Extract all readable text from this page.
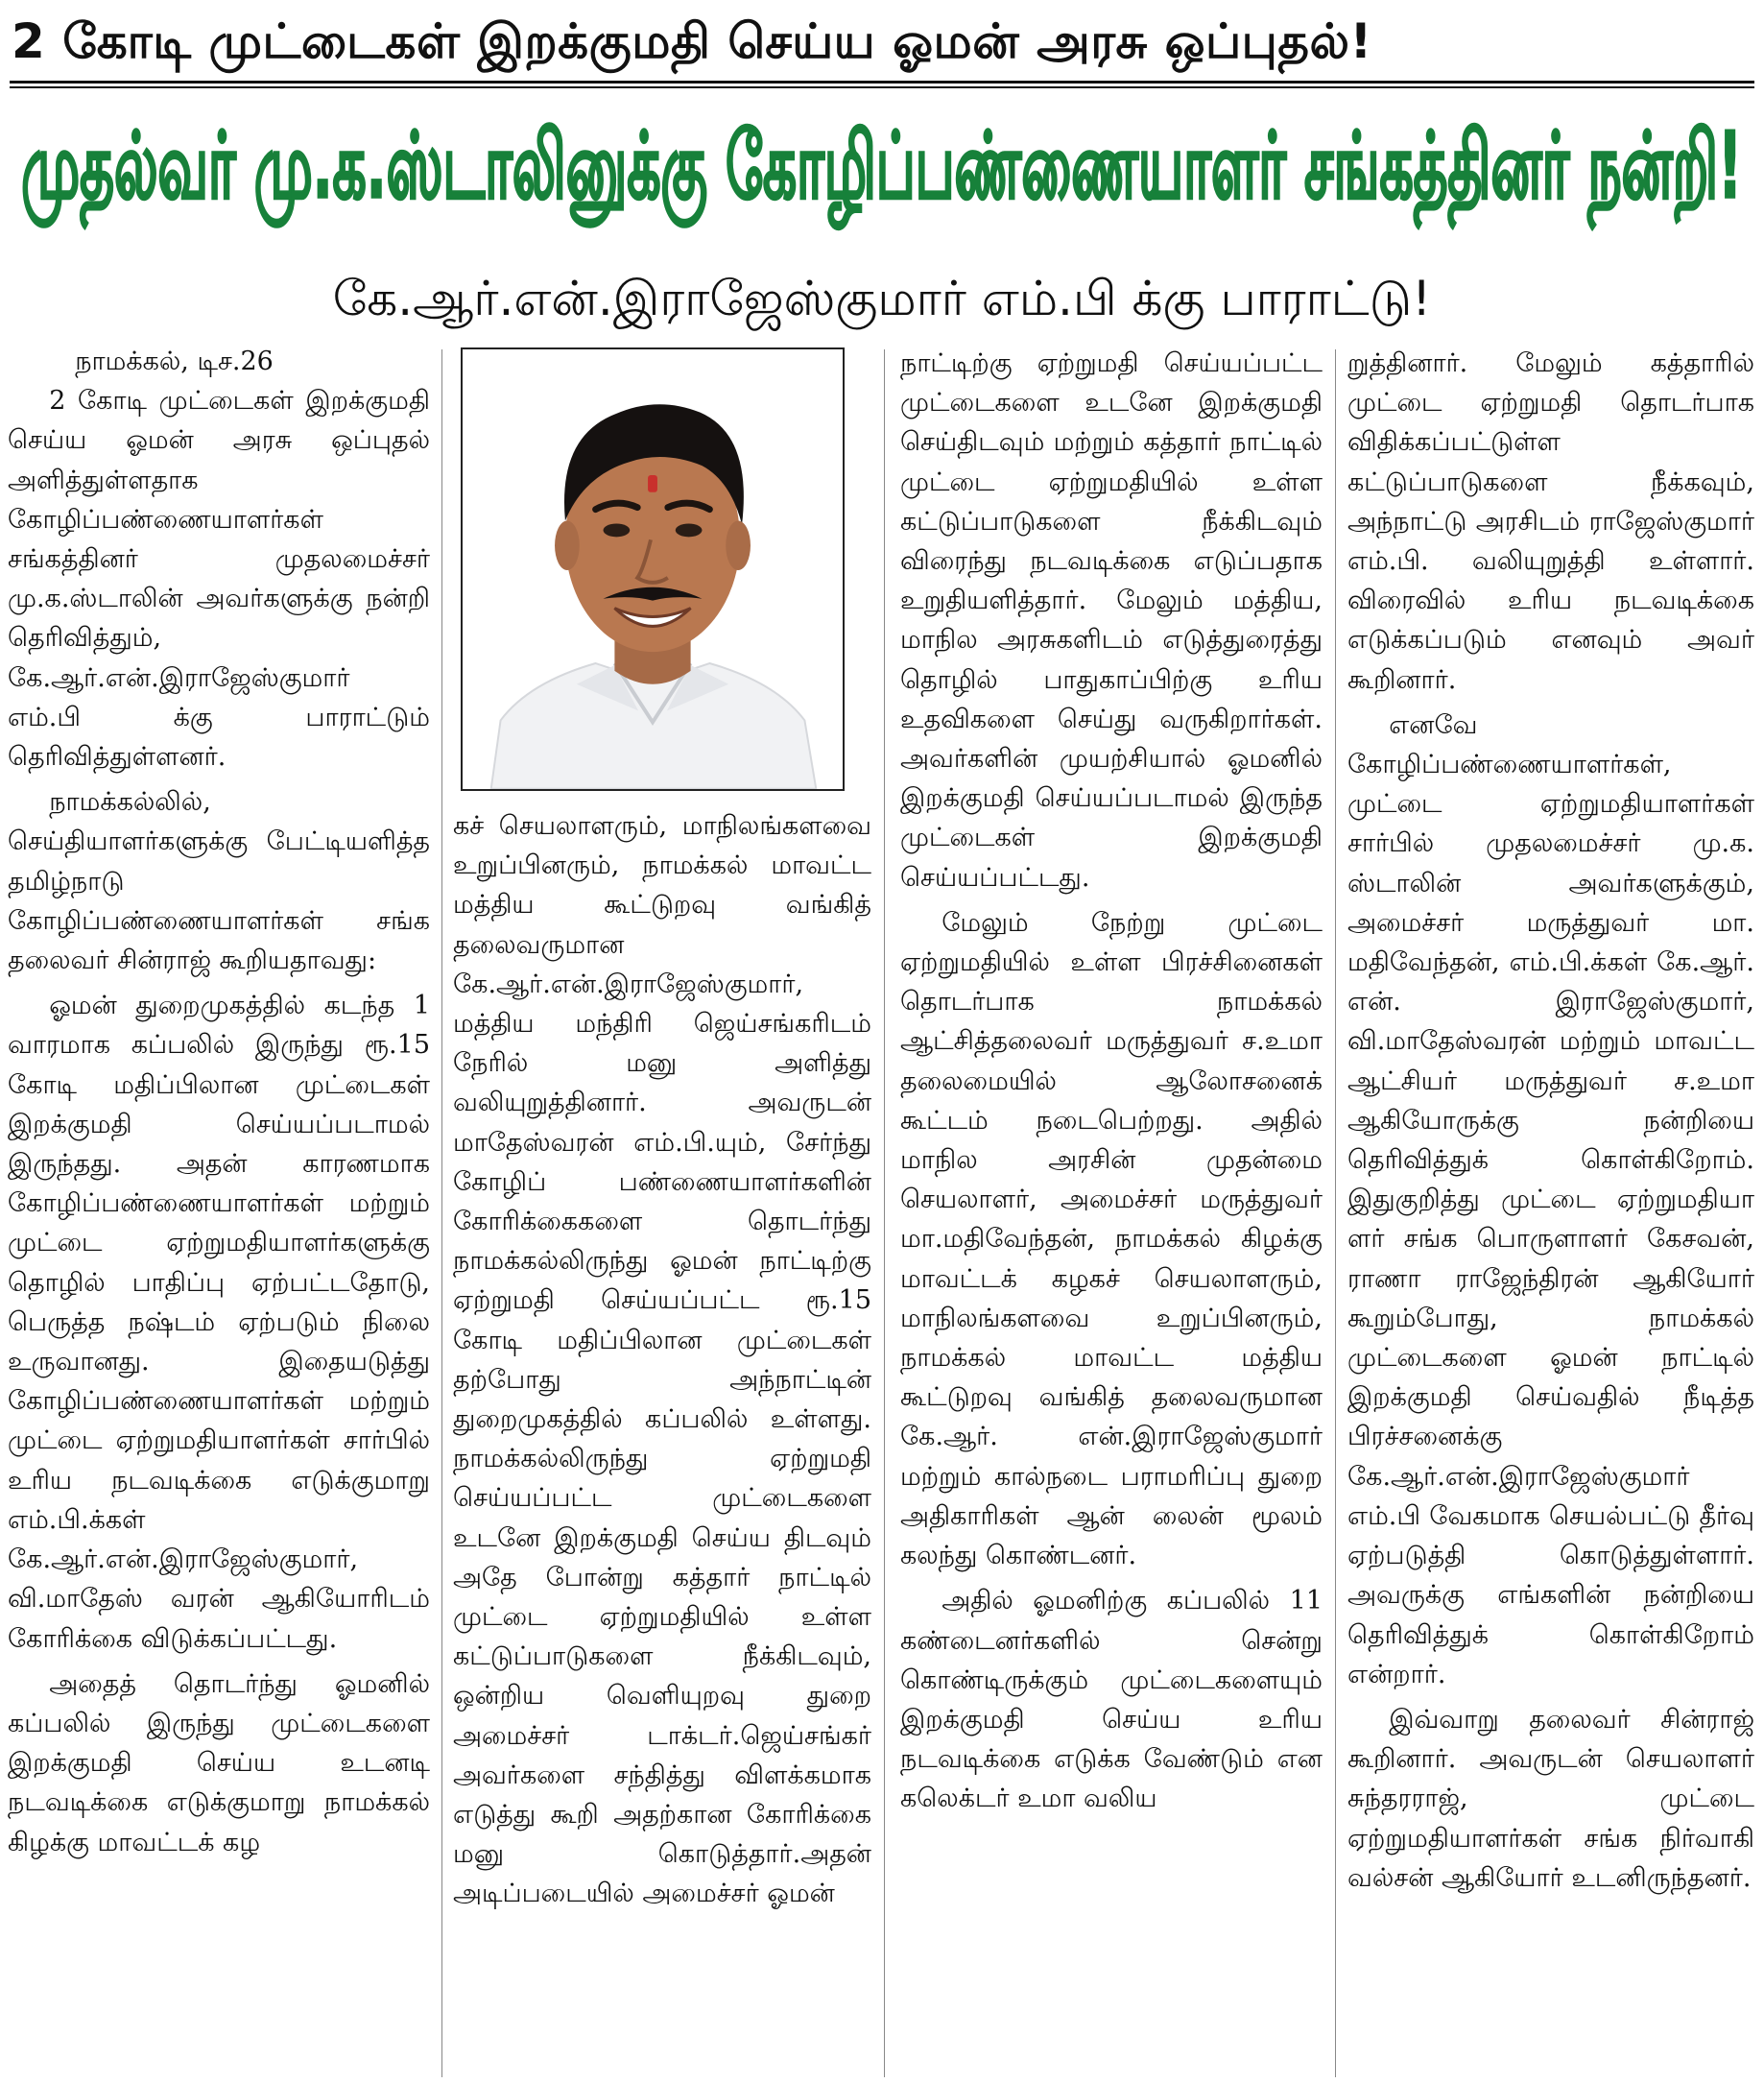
2 கோடி முட்டைகள் இறக்குமதி செய்ய ஓமன் அரசு ஒப்புதல்!
முதல்வர் மு.க.ஸ்டாலினுக்கு கோழிப்பண்ணையாளர் சங்கத்தினர் நன்றி!
கே.ஆர்.என்.இராஜேஸ்குமார் எம்.பி க்கு பாராட்டு!

நாமக்கல், டிச.26

2 கோடி முட்டைகள் இறக்குமதி செய்ய ஓமன் அரசு ஒப்புதல் அளித்துள்ளதாக கோழிப்பண்ணையாளர்கள் சங்கத்தினர் முதலமைச்சர் மு.க.ஸ்டாலின் அவர்களுக்கு நன்றி தெரிவித்தும், கே.ஆர்.என்.இராஜேஸ்குமார் எம்.பி க்கு பாராட்டும் தெரிவித்துள்ளனர்.

நாமக்கல்லில், செய்தியாளர்களுக்கு பேட்டியளித்த தமிழ்நாடு கோழிப்பண்ணையாளர்கள் சங்க தலைவர் சின்ராஜ் கூறியதாவது:

ஓமன் துறைமுகத்தில் கடந்த 1 வாரமாக கப்பலில் இருந்து ரூ.15 கோடி மதிப்பிலான முட்டைகள் இறக்குமதி செய்யப்படாமல் இருந்தது. அதன் காரணமாக கோழிப்பண்ணையாளர்கள் மற்றும் முட்டை ஏற்றுமதியாளர்களுக்கு தொழில் பாதிப்பு ஏற்பட்டதோடு, பெருத்த நஷ்டம் ஏற்படும் நிலை உருவானது. இதையடுத்து கோழிப்பண்ணையாளர்கள் மற்றும் முட்டை ஏற்றுமதியாளர்கள் சார்பில் உரிய நடவடிக்கை எடுக்குமாறு எம்.பி.க்கள் கே.ஆர்.என்.இராஜேஸ்குமார், வி.மாதேஸ் வரன் ஆகியோரிடம் கோரிக்கை விடுக்கப்பட்டது.

அதைத் தொடர்ந்து ஓமனில் கப்பலில் இருந்து முட்டைகளை இறக்குமதி செய்ய உடனடி நடவடிக்கை எடுக்குமாறு நாமக்கல் கிழக்கு மாவட்டக் கழ

கச் செயலாளரும், மாநிலங்களவை உறுப்பினரும், நாமக்கல் மாவட்ட மத்திய கூட்டுறவு வங்கித் தலைவருமான கே.ஆர்.என்.இராஜேஸ்குமார், மத்திய மந்திரி ஜெய்சங்கரிடம் நேரில் மனு அளித்து வலியுறுத்தினார். அவருடன் மாதேஸ்வரன் எம்.பி.யும், சேர்ந்து கோழிப் பண்ணையாளர்களின் கோரிக்கைகளை தொடர்ந்து நாமக்கல்லிருந்து ஓமன் நாட்டிற்கு ஏற்றுமதி செய்யப்பட்ட ரூ.15 கோடி மதிப்பிலான முட்டைகள் தற்போது அந்நாட்டின் துறைமுகத்தில் கப்பலில் உள்ளது. நாமக்கல்லிருந்து ஏற்றுமதி செய்யப்பட்ட முட்டைகளை உடனே இறக்குமதி செய்ய திடவும் அதே போன்று கத்தார் நாட்டில் முட்டை ஏற்றுமதியில் உள்ள கட்டுப்பாடுகளை நீக்கிடவும், ஒன்றிய வெளியுறவு துறை அமைச்சர் டாக்டர்.ஜெய்சங்கர் அவர்களை சந்தித்து விளக்கமாக எடுத்து கூறி அதற்கான கோரிக்கை மனு கொடுத்தார்.அதன் அடிப்படையில் அமைச்சர் ஓமன்

நாட்டிற்கு ஏற்றுமதி செய்யப்பட்ட முட்டைகளை உடனே இறக்குமதி செய்திடவும் மற்றும் கத்தார் நாட்டில் முட்டை ஏற்றுமதியில் உள்ள கட்டுப்பாடுகளை நீக்கிடவும் விரைந்து நடவடிக்கை எடுப்பதாக உறுதியளித்தார். மேலும் மத்திய, மாநில அரசுகளிடம் எடுத்துரைத்து தொழில் பாதுகாப்பிற்கு உரிய உதவிகளை செய்து வருகிறார்கள். அவர்களின் முயற்சியால் ஓமனில் இறக்குமதி செய்யப்படாமல் இருந்த முட்டைகள் இறக்குமதி செய்யப்பட்டது.

மேலும் நேற்று முட்டை ஏற்றுமதியில் உள்ள பிரச்சினைகள் தொடர்பாக நாமக்கல் ஆட்சித்தலைவர் மருத்துவர் ச.உமா தலைமையில் ஆலோசனைக் கூட்டம் நடைபெற்றது. அதில் மாநில அரசின் முதன்மை செயலாளர், அமைச்சர் மருத்துவர் மா.மதிவேந்தன், நாமக்கல் கிழக்கு மாவட்டக் கழகச் செயலாளரும், மாநிலங்களவை உறுப்பினரும், நாமக்கல் மாவட்ட மத்திய கூட்டுறவு வங்கித் தலைவருமான கே.ஆர். என்.இராஜேஸ்குமார் மற்றும் கால்நடை பராமரிப்பு துறை அதிகாரிகள் ஆன் லைன் மூலம் கலந்து கொண்டனர்.

அதில் ஓமனிற்கு கப்பலில் 11 கண்டைனர்களில் சென்று கொண்டிருக்கும் முட்டைகளையும் இறக்குமதி செய்ய உரிய நடவடிக்கை எடுக்க வேண்டும் என கலெக்டர் உமா வலிய

றுத்தினார். மேலும் கத்தாரில் முட்டை ஏற்றுமதி தொடர்பாக விதிக்கப்பட்டுள்ள கட்டுப்பாடுகளை நீக்கவும், அந்நாட்டு அரசிடம் ராஜேஸ்குமார் எம்.பி. வலியுறுத்தி உள்ளார். விரைவில் உரிய நடவடிக்கை எடுக்கப்படும் எனவும் அவர் கூறினார்.

எனவே கோழிப்பண்ணையாளர்கள், முட்டை ஏற்றுமதியாளர்கள் சார்பில் முதலமைச்சர் மு.க. ஸ்டாலின் அவர்களுக்கும், அமைச்சர் மருத்துவர் மா. மதிவேந்தன், எம்.பி.க்கள் கே.ஆர். என். இராஜேஸ்குமார், வி.மாதேஸ்வரன் மற்றும் மாவட்ட ஆட்சியர் மருத்துவர் ச.உமா ஆகியோருக்கு நன்றியை தெரிவித்துக் கொள்கிறோம். இதுகுறித்து முட்டை ஏற்றுமதியா ளர் சங்க பொருளாளர் கேசவன், ராணா ராஜேந்திரன் ஆகியோர் கூறும்போது, நாமக்கல் முட்டைகளை ஓமன் நாட்டில் இறக்குமதி செய்வதில் நீடித்த பிரச்சனைக்கு கே.ஆர்.என்.இராஜேஸ்குமார் எம்.பி வேகமாக செயல்பட்டு தீர்வு ஏற்படுத்தி கொடுத்துள்ளார். அவருக்கு எங்களின் நன்றியை தெரிவித்துக் கொள்கிறோம் என்றார்.

இவ்வாறு தலைவர் சின்ராஜ் கூறினார். அவருடன் செயலாளர் சுந்தரராஜ், முட்டை ஏற்றுமதியாளர்கள் சங்க நிர்வாகி வல்சன் ஆகியோர் உடனிருந்தனர்.
